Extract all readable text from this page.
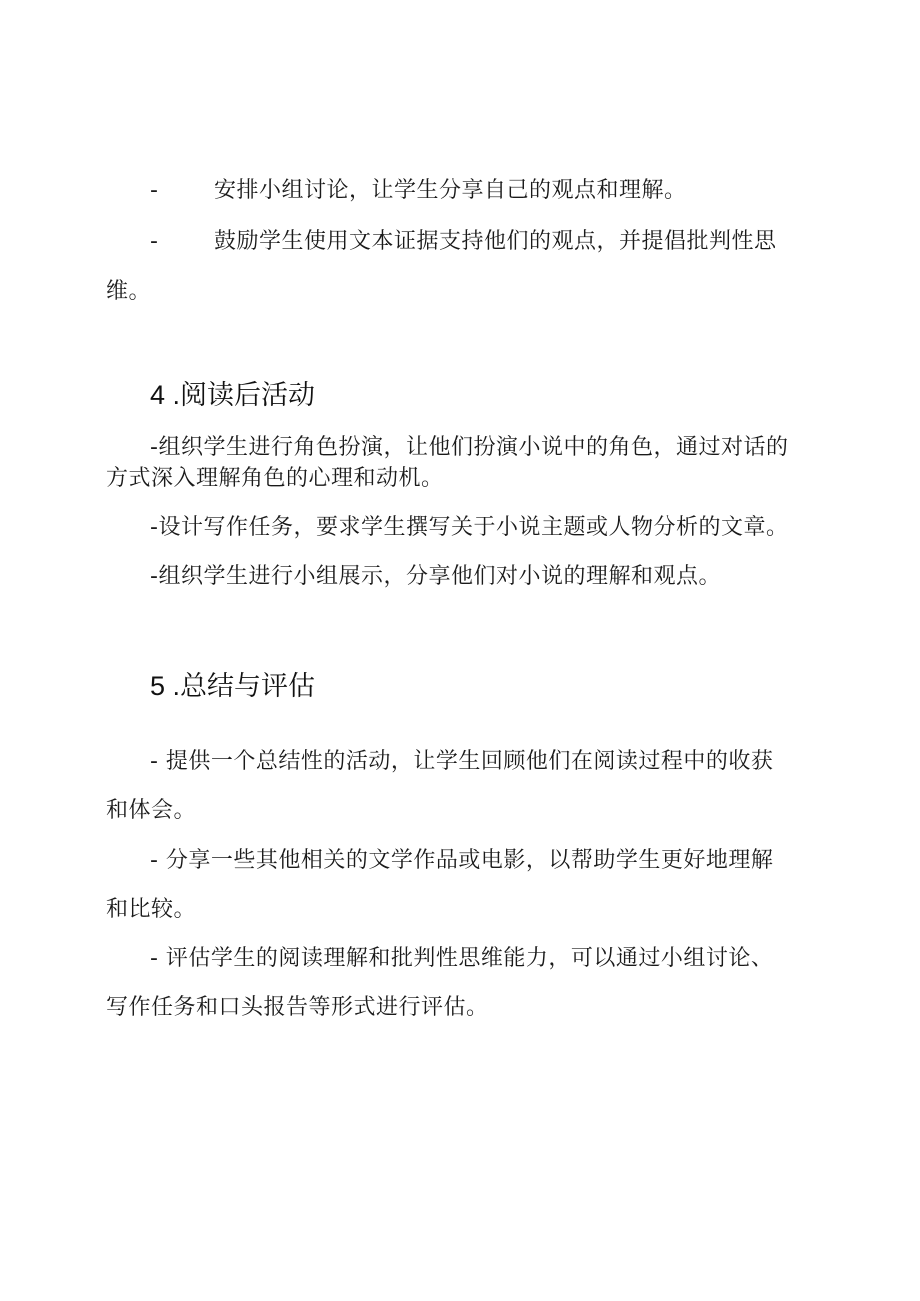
-	安排小组讨论，让学生分享自己的观点和理解。
-	鼓励学生使用文本证据支持他们的观点，并提倡批判性思
维。
4 .阅读后活动
-组织学生进行角色扮演，让他们扮演小说中的角色，通过对话的
方式深入理解角色的心理和动机。
-设计写作任务，要求学生撰写关于小说主题或人物分析的文章。
-组织学生进行小组展示，分享他们对小说的理解和观点。
5 .总结与评估
- 提供一个总结性的活动，让学生回顾他们在阅读过程中的收获
和体会。
- 分享一些其他相关的文学作品或电影，以帮助学生更好地理解
和比较。
- 评估学生的阅读理解和批判性思维能力，可以通过小组讨论、
写作任务和口头报告等形式进行评估。
